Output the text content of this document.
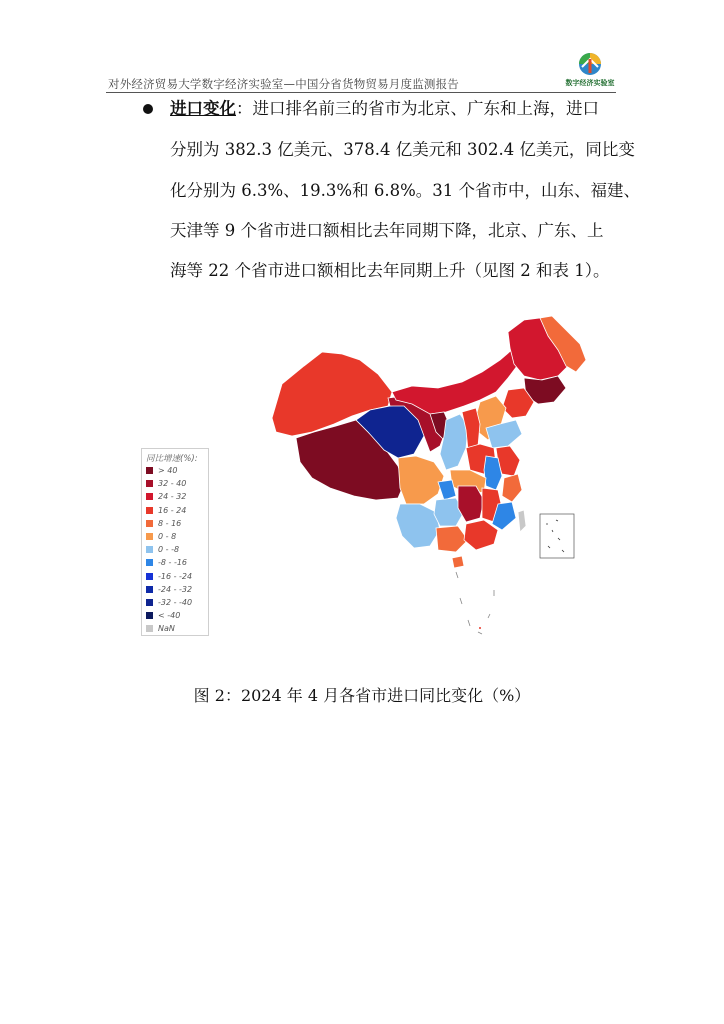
对外经济贸易大学数字经济实验室—中国分省货物贸易月度监测报告	数字经济实验室
进口变化：进口排名前三的省市为北京、广东和上海，进口
分别为 382.3 亿美元、378.4 亿美元和 302.4 亿美元，同比变
化分别为 6.3%、19.3%和 6.8%。31 个省市中，山东、福建、
天津等 9 个省市进口额相比去年同期下降，北京、广东、上
海等 22 个省市进口额相比去年同期上升（见图 2 和表 1）。
同比增速(%):
> 40
32 - 40
24 - 32
16 - 24
8 - 16
0 - 8
0 - -8
-8 - -16
-16 - -24
-24 - -32
-32 - -40
< -40
NaN
图 2：2024 年 4 月各省市进口同比变化（%）
